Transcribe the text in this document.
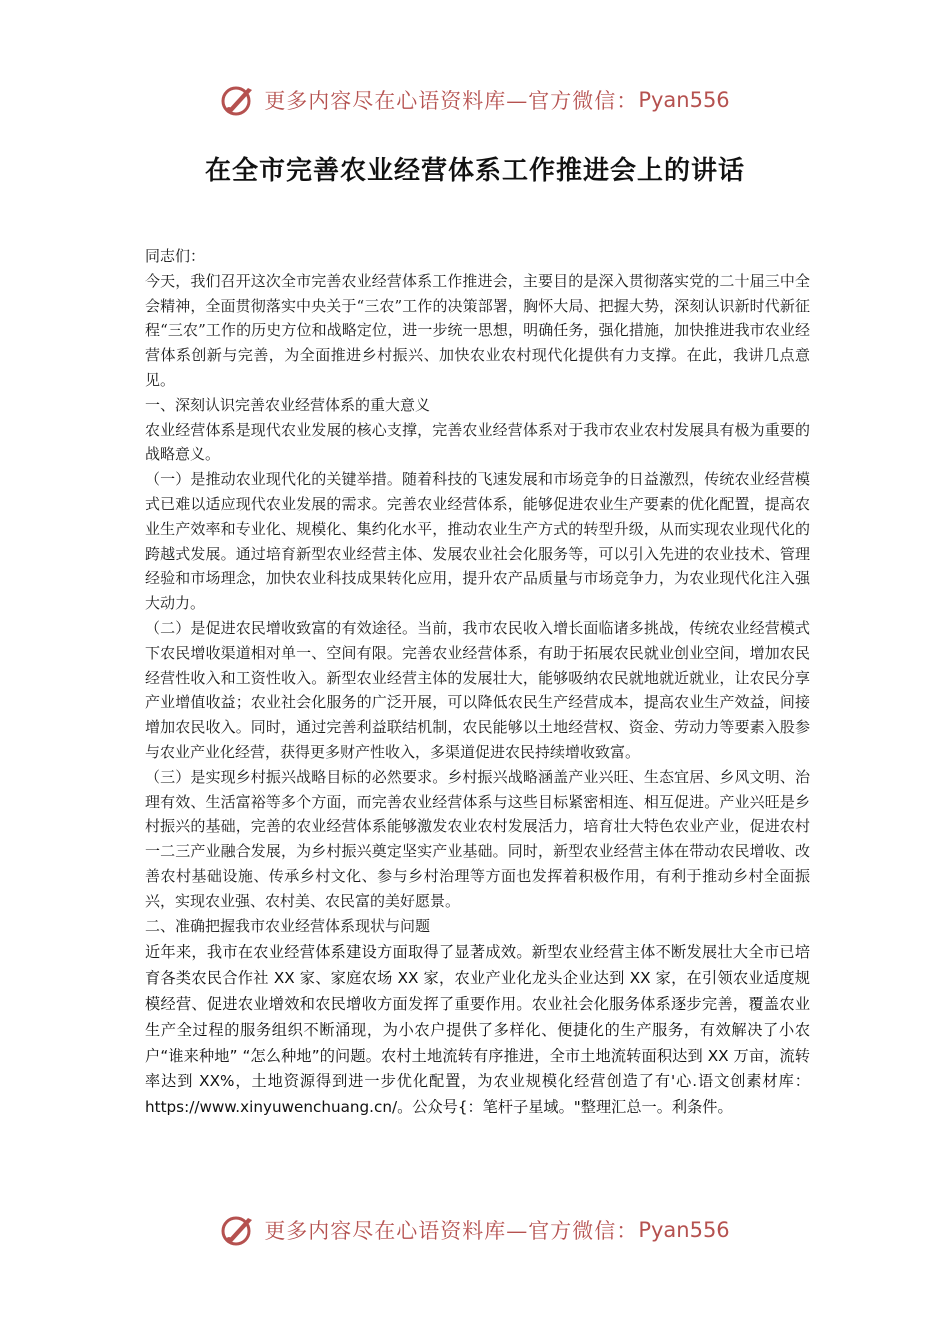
更多内容尽在心语资料库—官方微信： Pyan556
在全市完善农业经营体系工作推进会上的讲话

同志们：

今天，我们召开这次全市完善农业经营体系工作推进会，主要目的是深入贯彻落实党的二十届三中全会精神，全面贯彻落实中央关于“三农”工作的决策部署，胸怀大局、把握大势，深刻认识新时代新征程“三农”工作的历史方位和战略定位，进一步统一思想，明确任务，强化措施，加快推进我市农业经营体系创新与完善，为全面推进乡村振兴、加快农业农村现代化提供有力支撑。在此，我讲几点意见。

一、深刻认识完善农业经营体系的重大意义

农业经营体系是现代农业发展的核心支撑，完善农业经营体系对于我市农业农村发展具有极为重要的战略意义。

（一）是推动农业现代化的关键举措。随着科技的飞速发展和市场竞争的日益激烈，传统农业经营模式已难以适应现代农业发展的需求。完善农业经营体系，能够促进农业生产要素的优化配置，提高农业生产效率和专业化、规模化、集约化水平，推动农业生产方式的转型升级，从而实现农业现代化的跨越式发展。通过培育新型农业经营主体、发展农业社会化服务等，可以引入先进的农业技术、管理经验和市场理念，加快农业科技成果转化应用，提升农产品质量与市场竞争力，为农业现代化注入强大动力。

（二）是促进农民增收致富的有效途径。当前，我市农民收入增长面临诸多挑战，传统农业经营模式下农民增收渠道相对单一、空间有限。完善农业经营体系，有助于拓展农民就业创业空间，增加农民经营性收入和工资性收入。新型农业经营主体的发展壮大，能够吸纳农民就地就近就业，让农民分享产业增值收益；农业社会化服务的广泛开展，可以降低农民生产经营成本，提高农业生产效益，间接增加农民收入。同时，通过完善利益联结机制，农民能够以土地经营权、资金、劳动力等要素入股参与农业产业化经营，获得更多财产性收入，多渠道促进农民持续增收致富。

（三）是实现乡村振兴战略目标的必然要求。乡村振兴战略涵盖产业兴旺、生态宜居、乡风文明、治理有效、生活富裕等多个方面，而完善农业经营体系与这些目标紧密相连、相互促进。产业兴旺是乡村振兴的基础，完善的农业经营体系能够激发农业农村发展活力，培育壮大特色农业产业，促进农村一二三产业融合发展，为乡村振兴奠定坚实产业基础。同时，新型农业经营主体在带动农民增收、改善农村基础设施、传承乡村文化、参与乡村治理等方面也发挥着积极作用，有利于推动乡村全面振兴，实现农业强、农村美、农民富的美好愿景。

二、准确把握我市农业经营体系现状与问题

近年来，我市在农业经营体系建设方面取得了显著成效。新型农业经营主体不断发展壮大全市已培育各类农民合作社 XX 家、家庭农场 XX 家，农业产业化龙头企业达到 XX 家，在引领农业适度规模经营、促进农业增效和农民增收方面发挥了重要作用。农业社会化服务体系逐步完善，覆盖农业生产全过程的服务组织不断涌现，为小农户提供了多样化、便捷化的生产服务，有效解决了小农户“谁来种地” “怎么种地”的问题。农村土地流转有序推进，全市土地流转面积达到 XX 万亩，流转率达到 XX%，土地资源得到进一步优化配置，为农业规模化经营创造了有'心.语文创素材库：https://www.xinyuwenchuang.cn/。公众号{：笔杆子星域。"整理汇总一。利条件。

更多内容尽在心语资料库—官方微信： Pyan556
